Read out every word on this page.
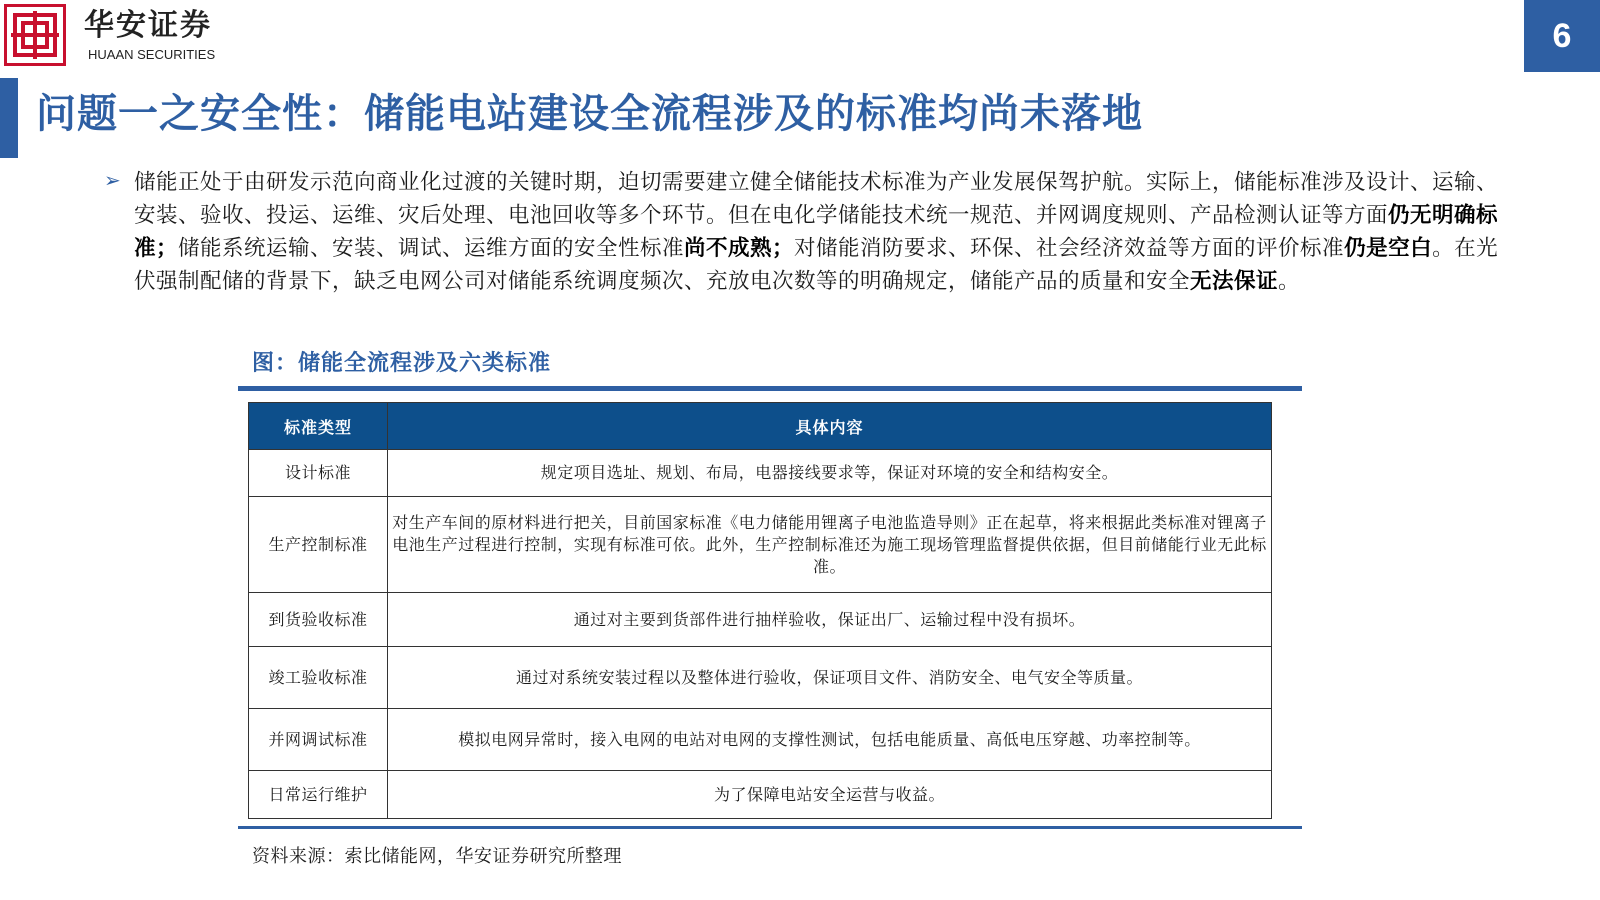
华安证券
HUAAN SECURITIES	6
问题一之安全性：储能电站建设全流程涉及的标准均尚未落地
➢ 储能正处于由研发示范向商业化过渡的关键时期，迫切需要建立健全储能技术标准为产业发展保驾护航。实际上，储能标准涉及设计、运输、安装、验收、投运、运维、灾后处理、电池回收等多个环节。但在电化学储能技术统一规范、并网调度规则、产品检测认证等方面仍无明确标准；储能系统运输、安装、调试、运维方面的安全性标准尚不成熟；对储能消防要求、环保、社会经济效益等方面的评价标准仍是空白。在光伏强制配储的背景下，缺乏电网公司对储能系统调度频次、充放电次数等的明确规定，储能产品的质量和安全无法保证。
图：储能全流程涉及六类标准
标准类型	具体内容
设计标准	规定项目选址、规划、布局，电器接线要求等，保证对环境的安全和结构安全。
生产控制标准	对生产车间的原材料进行把关，目前国家标准《电力储能用锂离子电池监造导则》正在起草，将来根据此类标准对锂离子电池生产过程进行控制，实现有标准可依。此外，生产控制标准还为施工现场管理监督提供依据，但目前储能行业无此标准。
到货验收标准	通过对主要到货部件进行抽样验收，保证出厂、运输过程中没有损坏。
竣工验收标准	通过对系统安装过程以及整体进行验收，保证项目文件、消防安全、电气安全等质量。
并网调试标准	模拟电网异常时，接入电网的电站对电网的支撑性测试，包括电能质量、高低电压穿越、功率控制等。
日常运行维护	为了保障电站安全运营与收益。
资料来源：索比储能网，华安证券研究所整理
